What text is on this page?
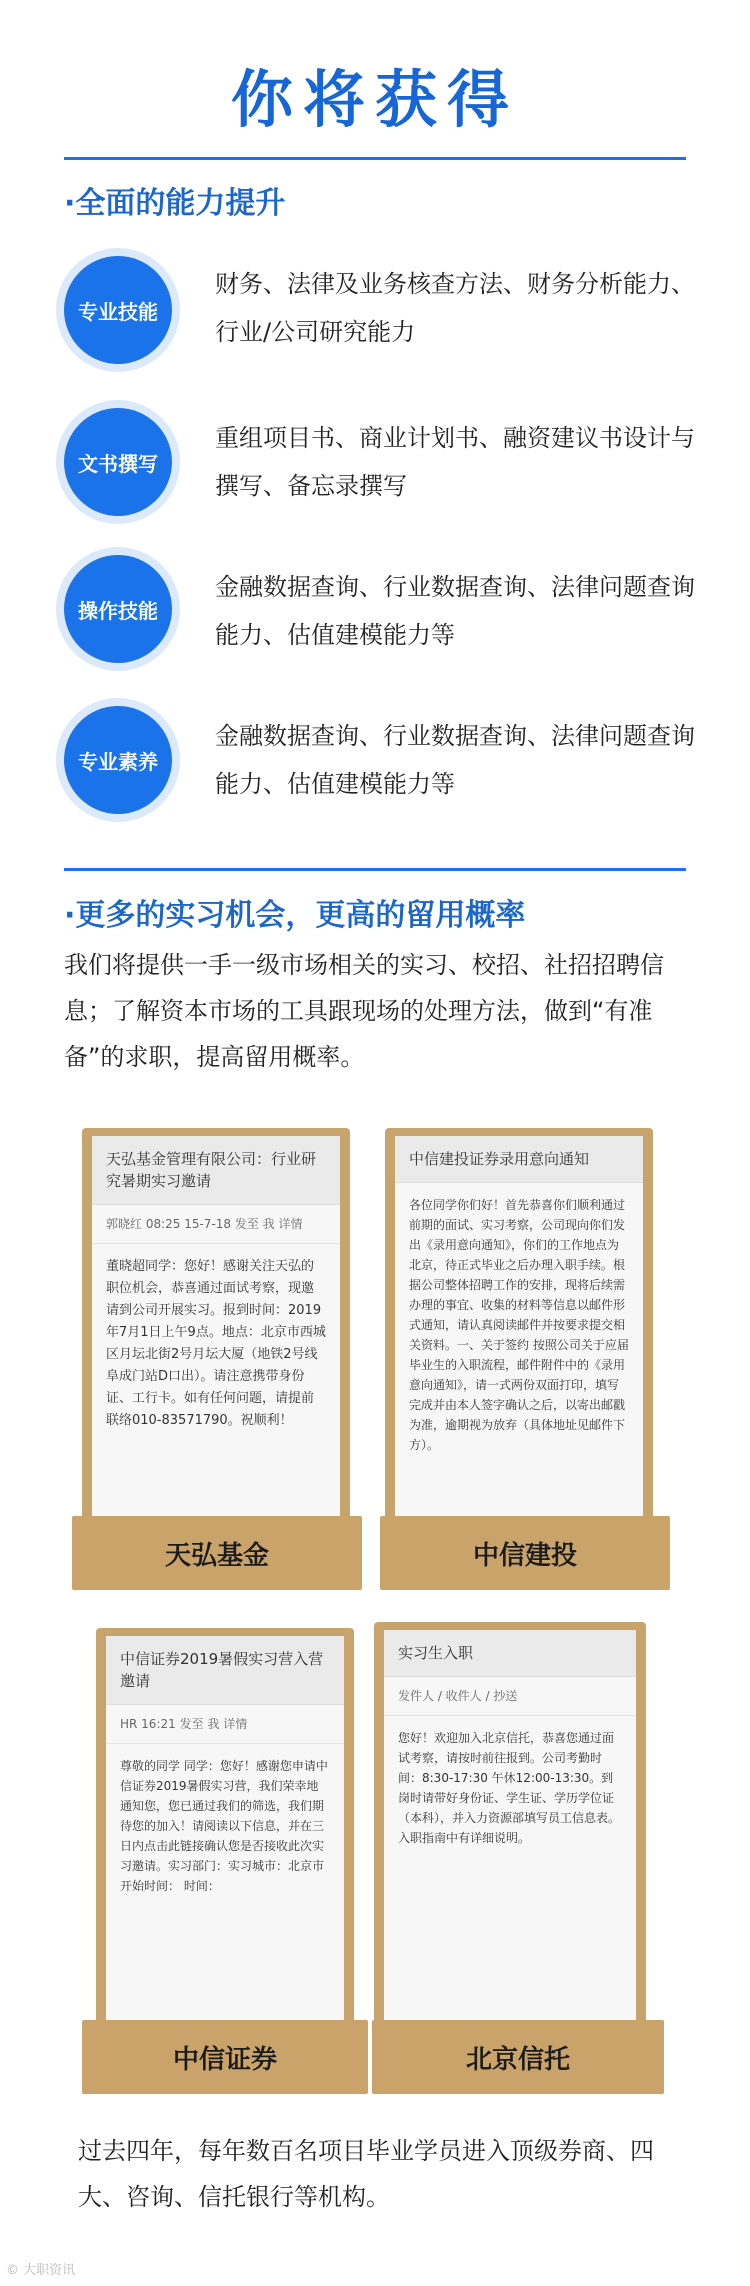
你将获得
·全面的能力提升
专业技能
财务、法律及业务核查方法、财务分析能力、行业/公司研究能力
文书撰写
重组项目书、商业计划书、融资建议书设计与撰写、备忘录撰写
操作技能
金融数据查询、行业数据查询、法律问题查询能力、估值建模能力等
专业素养
金融数据查询、行业数据查询、法律问题查询能力、估值建模能力等
·更多的实习机会，更高的留用概率
我们将提供一手一级市场相关的实习、校招、社招招聘信息；了解资本市场的工具跟现场的处理方法，做到“有准备”的求职，提高留用概率。
天弘基金管理有限公司：行业研究暑期实习邀请
郭晓红 08:25 15-7-18 发至 我 详情
董晓超同学：您好！感谢关注天弘的职位机会，恭喜通过面试考察，现邀请到公司开展实习。报到时间：2019年7月1日上午9点。地点：北京市西城区月坛北街2号月坛大厦（地铁2号线阜成门站D口出）。请注意携带身份证、工行卡。如有任何问题，请提前联络010-83571790。祝顺利！
天弘基金
中信建投证券录用意向通知
各位同学你们好！首先恭喜你们顺利通过前期的面试、实习考察，公司现向你们发出《录用意向通知》，你们的工作地点为北京，待正式毕业之后办理入职手续。根据公司整体招聘工作的安排，现将后续需办理的事宜、收集的材料等信息以邮件形式通知，请认真阅读邮件并按要求提交相关资料。一、关于签约 按照公司关于应届毕业生的入职流程，邮件附件中的《录用意向通知》，请一式两份双面打印，填写完成并由本人签字确认之后，以寄出邮戳为准，逾期视为放弃（具体地址见邮件下方）。
中信建投
中信证券2019暑假实习营入营邀请
HR 16:21 发至 我 详情
尊敬的同学 同学：您好！感谢您申请中信证券2019暑假实习营，我们荣幸地通知您，您已通过我们的筛选，我们期待您的加入！请阅读以下信息，并在三日内点击此链接确认您是否接收此次实习邀请。实习部门：实习城市：北京市 开始时间： 时间：
中信证券
实习生入职
发件人 / 收件人 / 抄送
您好！欢迎加入北京信托，恭喜您通过面试考察，请按时前往报到。公司考勤时间：8:30-17:30 午休12:00-13:30。到岗时请带好身份证、学生证、学历学位证（本科），并入力资源部填写员工信息表。入职指南中有详细说明。
北京信托
过去四年，每年数百名项目毕业学员进入顶级券商、四大、咨询、信托银行等机构。
© 大职资讯
